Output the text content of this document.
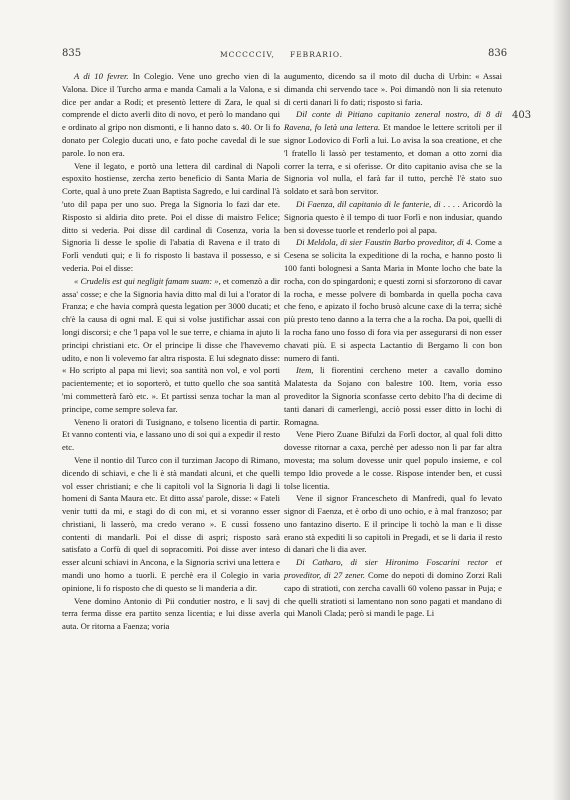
835	MCCCCCIV, FEBRARIO.	836
403

A di 10 fevrer. In Colegio. Vene uno grecho vien di la Valona. Dice il Turcho arma e manda Camali a la Valona, e si dice per andar a Rodi; et presentò lettere di Zara, le qual si comprende el dicto averli dito di novo, et però lo mandano qui e ordinato al gripo non dismonti, e li hanno dato s. 40. Or li fo donato per Colegio ducati uno, e fato poche cavedal di le sue parole. Io non era.

Vene il legato, e portò una lettera dil cardinal di Napoli espoxito hostiense, zercha zerto beneficio di Santa Maria de Corte, qual à uno prete Zuan Baptista Sagredo, e lui cardinal l'à 'uto dil papa per uno suo. Prega la Signoria lo fazi dar ete. Risposto si aldiria dito prete. Poi el disse di maistro Felice; ditto si vederia. Poi disse dil cardinal di Cosenza, voria la Signoria li desse le spolie di l'abatia di Ravena e il trato di Forlì venduti qui; e li fo risposto li bastava il possesso, e si vederia. Poi el disse:

« Crudelis est qui negligit famam suam: », et comenzò a dir assa' cosse; e che la Signoria havia ditto mal di lui a l'orator di Franza; e che havia comprà questa legation per 3000 ducati; et ch'è la causa di ogni mal. E qui si volse justifichar assai con longi discorsi; e che 'l papa vol le sue terre, e chiama in ajuto li principi christiani etc. Or el principe li disse che l'havevemo udito, e non li volevemo far altra risposta. E lui sdegnato disse: « Ho scripto al papa mi lievi; soa santità non vol, e vol porti pacientemente; et io soporterò, et tutto quello che soa santità 'mi commetterà farò etc. ». Et partissi senza tochar la man al principe, come sempre soleva far.

Veneno li oratori di Tusignano, e tolseno licentia di partir. Et vanno contenti via, e lassano uno di soi qui a expedir il resto etc.

Vene il nontio dil Turco con il turziman Jacopo di Rimano, dicendo di schiavi, e che li è stà mandati alcuni, et che quelli vol esser christiani; e che li capitoli vol la Signoria li dagi li homeni di Santa Maura etc. Et ditto assa' parole, disse: « Fateli venir tutti da mi, e stagi do di con mi, et si voranno esser christiani, li lasserò, ma credo verano ». E cussì fosseno contenti di mandarli. Poi el disse di aspri; risposto sarà satisfato a Corfù di quel di sopracomiti. Poi disse aver inteso esser alcuni schiavi in Ancona, e la Signoria scrivi una lettera e mandi uno homo a tuorli. E perchè era il Colegio in varia opinione, li fo risposto che di questo se li manderia a dir.

Vene domino Antonio di Pii condutier nostro, e li savj di terra ferma disse era partito senza licentia; e lui disse averla auta. Or ritorna a Faenza; voria

augumento, dicendo sa il moto dil ducha di Urbin: « Assai dimanda chi servendo tace ». Poi dimandò non li sia retenuto di certi danari li fo dati; risposto si faria.

Dil conte di Pitiano capitanio zeneral nostro, di 8 di Ravena, fo letà una lettera. Et mandoe le lettere scritoli per il signor Lodovico di Forlì a lui. Lo avisa la soa creatione, et che 'l fratello li lassò per testamento, et doman a otto zorni dia correr la terra, e si oferisse. Or dito capitanio avisa che se la Signoria vol nulla, el farà far il tutto, perchè l'è stato suo soldato et sarà bon servitor.

Di Faenza, dil capitanio di le fanterie, di . . . . Aricordò la Signoria questo è il tempo di tuor Forlì e non indusiar, quando ben si dovesse tuorle et renderlo poi al papa.

Di Meldola, di sier Faustin Barbo proveditor, di 4. Come a Cesena se solicita la expeditione di la rocha, e hanno posto li 100 fanti bolognesi a Santa Maria in Monte locho che bate la rocha, con do spingardoni; e questi zorni si sforzorono di cavar la rocha, e messe polvere di bombarda in quella pocha cava che feno, e apizato il focho brusò alcune caxe di la terra; sichè più presto teno danno a la terra che a la rocha. Da poi, quelli di la rocha fano uno fosso di fora via per assegurarsi di non esser chavati più. E si aspecta Lactantio di Bergamo li con bon numero di fanti.

Item, li fiorentini cercheno meter a cavallo domino Malatesta da Sojano con balestre 100. Item, voria esso proveditor la Signoria sconfasse certo debito l'ha di decime di tanti danari di camerlengi, acciò possi esser ditto in lochi di Romagna.

Vene Piero Zuane Bifulzi da Forlì doctor, al qual foli ditto dovesse ritornar a caxa, perchè per adesso non li par far altra movesta; ma solum dovesse unir quel populo insieme, e col tempo Idio provede a le cosse. Rispose intender ben, et cussì tolse licentia.

Vene il signor Francescheto di Manfredi, qual fo levato signor di Faenza, et è orbo di uno ochio, e à mal franzoso; par uno fantazino diserto. E il principe li tochò la man e li disse erano stà expediti li so capitoli in Pregadi, et se li daria il resto di danari che li dia aver.

Di Catharo, di sier Hironimo Foscarini rector et proveditor, di 27 zener. Come do nepoti di domino Zorzi Rali capo di stratioti, con zercha cavalli 60 voleno passar in Puja; e che quelli stratioti si lamentano non sono pagati et mandano di qui Manoli Clada; però si mandi le page. Li
